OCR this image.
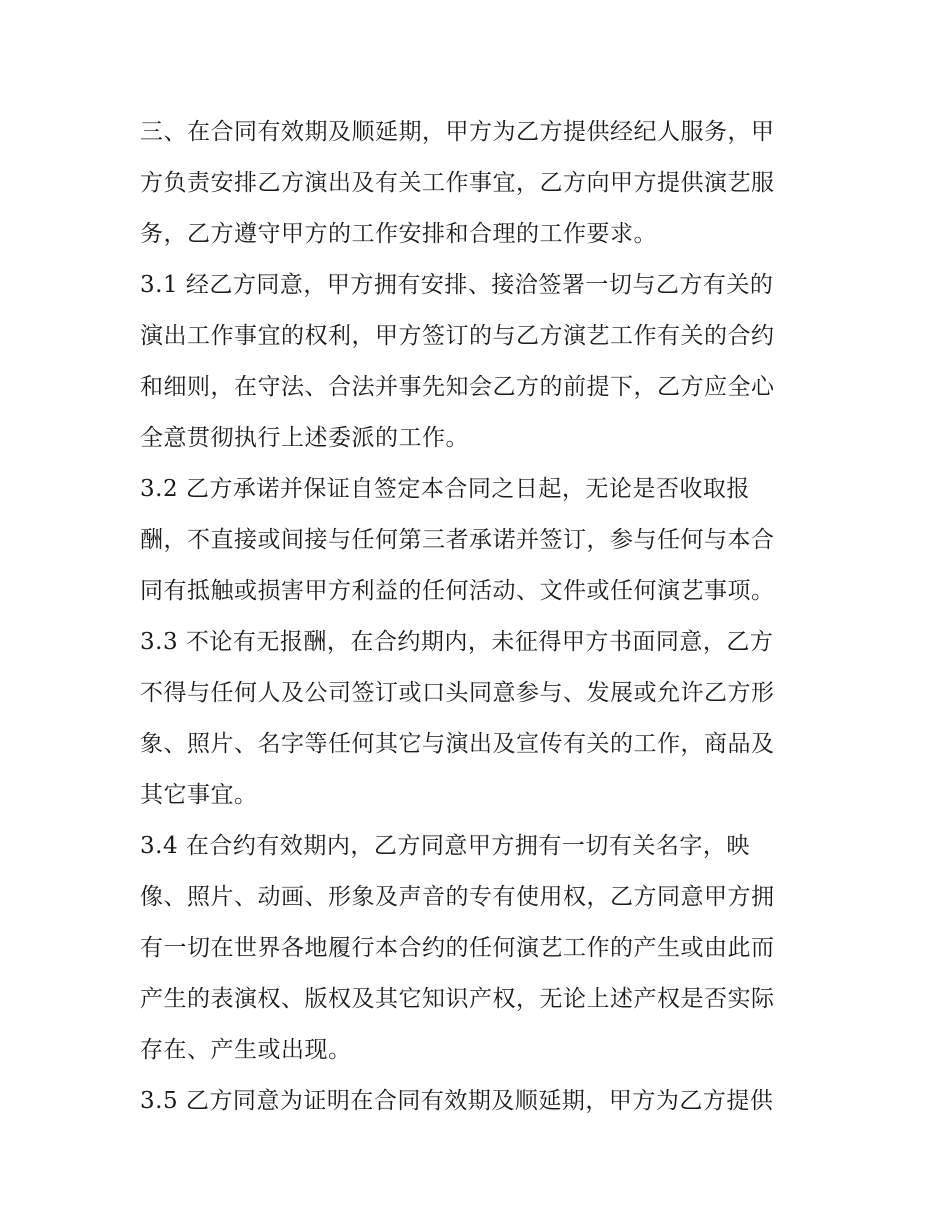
三、在合同有效期及顺延期，甲方为乙方提供经纪人服务，甲
方负责安排乙方演出及有关工作事宜，乙方向甲方提供演艺服
务，乙方遵守甲方的工作安排和合理的工作要求。
3.1 经乙方同意，甲方拥有安排、接洽签署一切与乙方有关的
演出工作事宜的权利，甲方签订的与乙方演艺工作有关的合约
和细则，在守法、合法并事先知会乙方的前提下，乙方应全心
全意贯彻执行上述委派的工作。
3.2 乙方承诺并保证自签定本合同之日起，无论是否收取报
酬，不直接或间接与任何第三者承诺并签订，参与任何与本合
同有抵触或损害甲方利益的任何活动、文件或任何演艺事项。
3.3 不论有无报酬，在合约期内，未征得甲方书面同意，乙方
不得与任何人及公司签订或口头同意参与、发展或允许乙方形
象、照片、名字等任何其它与演出及宣传有关的工作，商品及
其它事宜。
3.4 在合约有效期内，乙方同意甲方拥有一切有关名字，映
像、照片、动画、形象及声音的专有使用权，乙方同意甲方拥
有一切在世界各地履行本合约的任何演艺工作的产生或由此而
产生的表演权、版权及其它知识产权，无论上述产权是否实际
存在、产生或出现。
3.5 乙方同意为证明在合同有效期及顺延期，甲方为乙方提供
